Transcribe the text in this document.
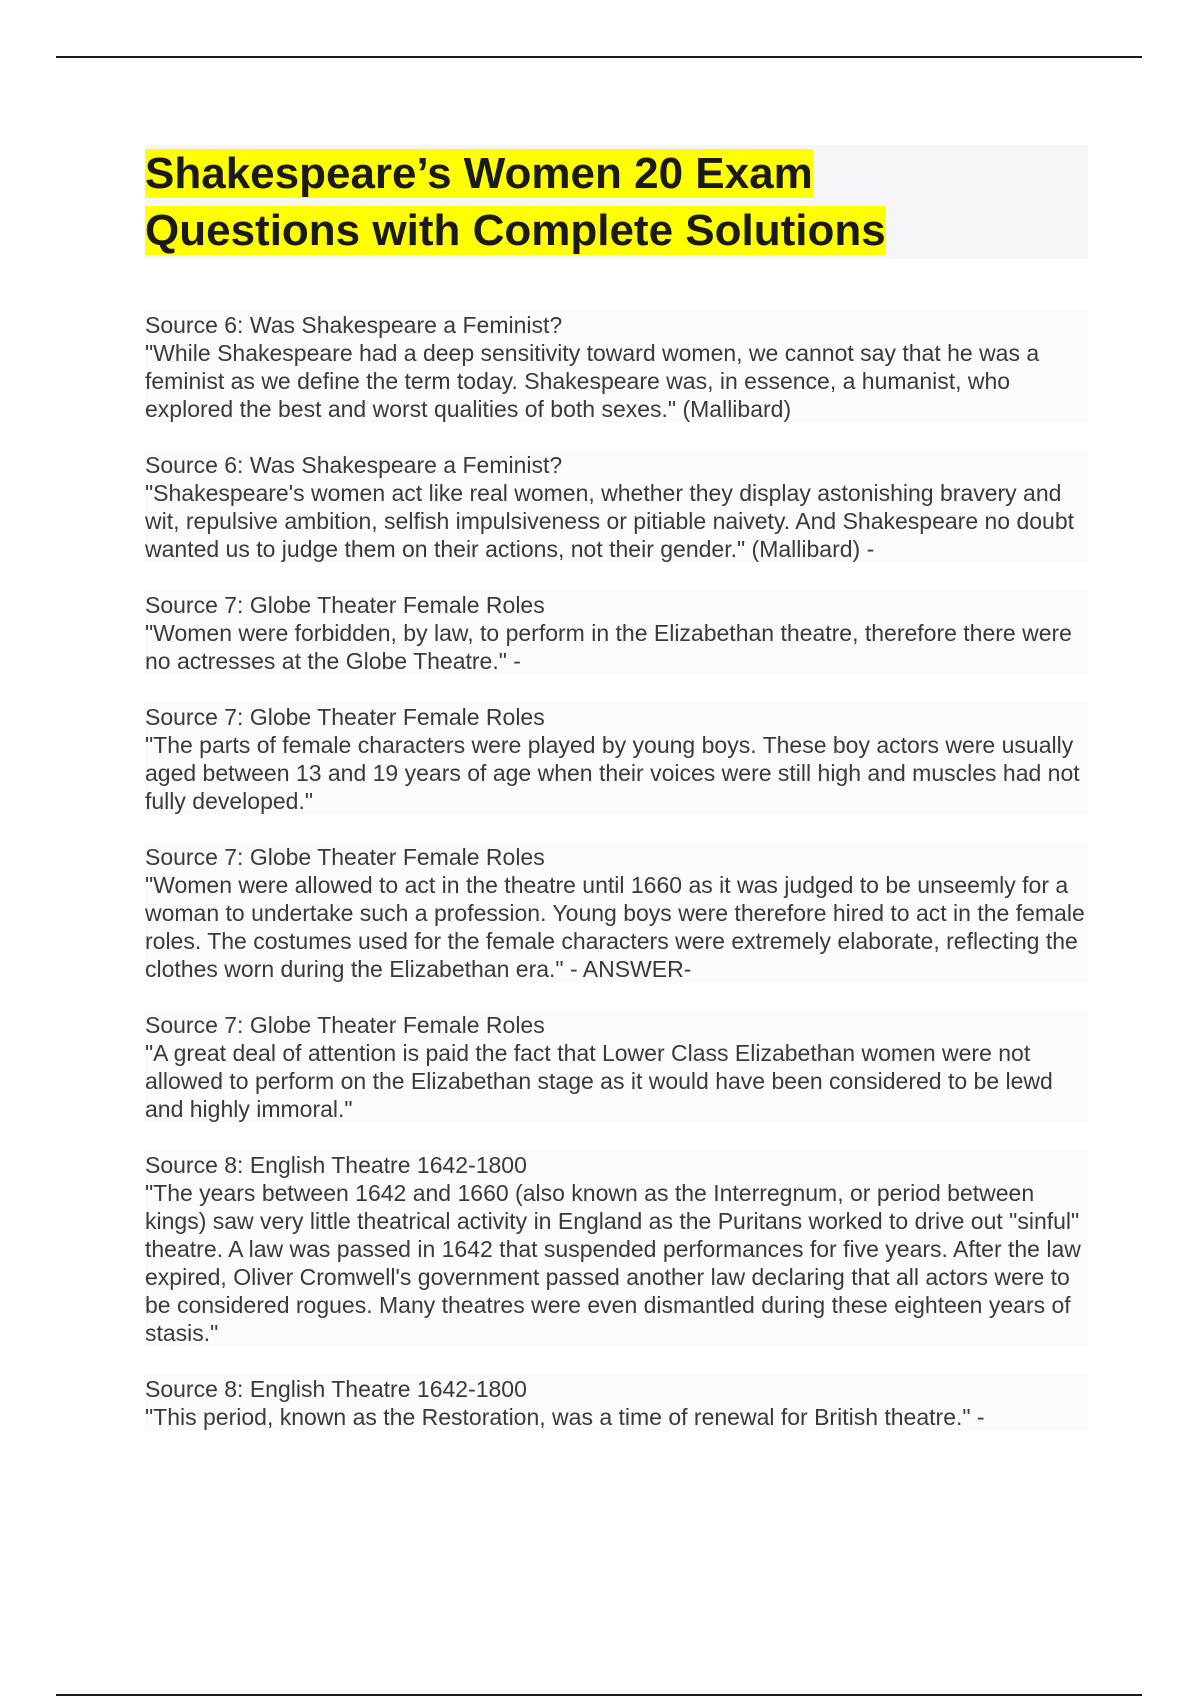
Shakespeare’s Women 20 Exam
Questions with Complete Solutions

Source 6: Was Shakespeare a Feminist?

"While Shakespeare had a deep sensitivity toward women, we cannot say that he was a feminist as we define the term today. Shakespeare was, in essence, a humanist, who explored the best and worst qualities of both sexes." (Mallibard)

Source 6: Was Shakespeare a Feminist?

"Shakespeare's women act like real women, whether they display astonishing bravery and wit, repulsive ambition, selfish impulsiveness or pitiable naivety. And Shakespeare no doubt wanted us to judge them on their actions, not their gender." (Mallibard) -

Source 7: Globe Theater Female Roles

"Women were forbidden, by law, to perform in the Elizabethan theatre, therefore there were no actresses at the Globe Theatre." -

Source 7: Globe Theater Female Roles

"The parts of female characters were played by young boys. These boy actors were usually aged between 13 and 19 years of age when their voices were still high and muscles had not fully developed."

Source 7: Globe Theater Female Roles

"Women were allowed to act in the theatre until 1660 as it was judged to be unseemly for a woman to undertake such a profession. Young boys were therefore hired to act in the female roles. The costumes used for the female characters were extremely elaborate, reflecting the clothes worn during the Elizabethan era." - ANSWER-

Source 7: Globe Theater Female Roles

"A great deal of attention is paid the fact that Lower Class Elizabethan women were not allowed to perform on the Elizabethan stage as it would have been considered to be lewd and highly immoral."

Source 8: English Theatre 1642-1800

"The years between 1642 and 1660 (also known as the Interregnum, or period between kings) saw very little theatrical activity in England as the Puritans worked to drive out "sinful" theatre. A law was passed in 1642 that suspended performances for five years. After the law expired, Oliver Cromwell's government passed another law declaring that all actors were to be considered rogues. Many theatres were even dismantled during these eighteen years of stasis."

Source 8: English Theatre 1642-1800

"This period, known as the Restoration, was a time of renewal for British theatre." -
